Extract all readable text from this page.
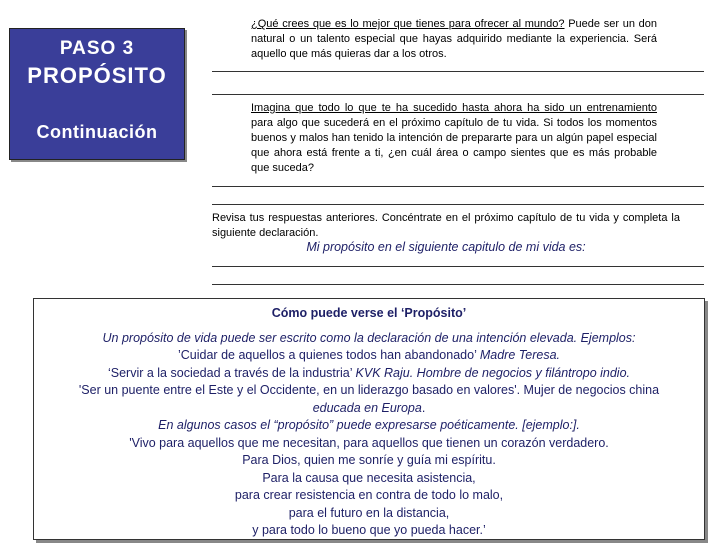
PASO 3
PROPÓSITO
Continuación
¿Qué crees que es lo mejor que tienes para ofrecer al mundo? Puede ser un don natural o un talento especial que hayas adquirido mediante la experiencia. Será aquello que más quieras dar a los otros.
Imagina que todo lo que te ha sucedido hasta ahora ha sido un entrenamiento para algo que sucederá en el próximo capítulo de tu vida. Si todos los momentos buenos y malos han tenido la intención de prepararte para un algún papel especial que ahora está frente a ti, ¿en cuál área o campo sientes que es más probable que suceda?
Revisa tus respuestas anteriores. Concéntrate en el próximo capítulo de tu vida y completa la siguiente declaración.
Mi propósito en el siguiente capitulo de mi vida es:
Cómo puede verse el ‘Propósito’
Un propósito de vida puede ser escrito como la declaración de una intención elevada. Ejemplos:
’Cuidar de aquellos a quienes todos han abandonado’ Madre Teresa.
‘Servir a la sociedad a través de la industria’ KVK Raju. Hombre de negocios y filántropo indio.
'Ser un puente entre el Este y el Occidente, en un liderazgo basado en valores'. Mujer de negocios china
educada en Europa.
En algunos casos el “propósito” puede expresarse poéticamente. [ejemplo:].
'Vivo para aquellos que me necesitan, para aquellos que tienen un corazón verdadero.
Para Dios, quien me sonríe y guía mi espíritu.
Para la causa que necesita asistencia,
para crear resistencia en contra de todo lo malo,
para el futuro en la distancia,
y para todo lo bueno que yo pueda hacer.’
